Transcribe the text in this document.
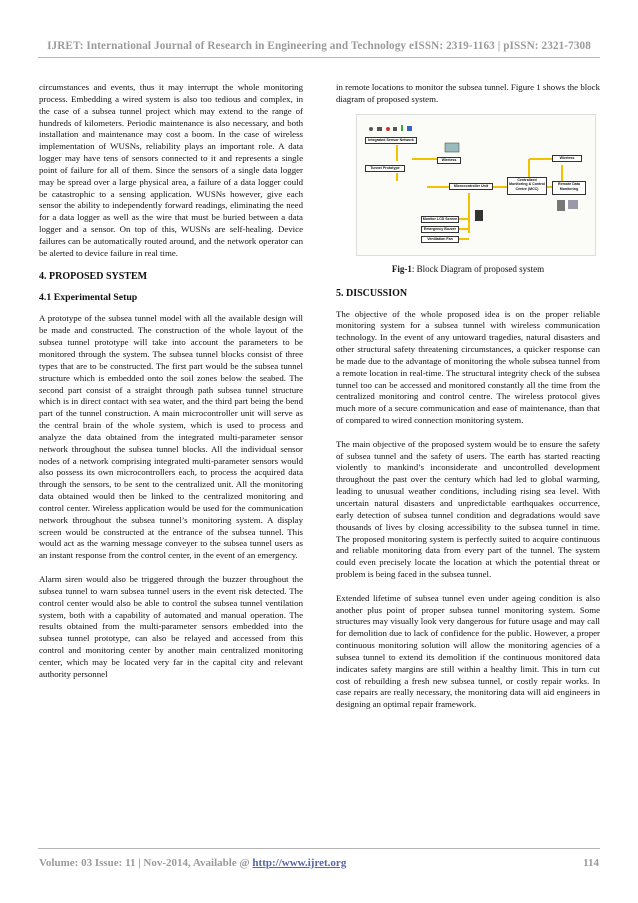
IJRET: International Journal of Research in Engineering and Technology eISSN: 2319-1163 | pISSN: 2321-7308

circumstances and events, thus it may interrupt the whole monitoring process. Embedding a wired system is also too tedious and complex, in the case of a subsea tunnel project which may extend to the range of hundreds of kilometers. Periodic maintenance is also necessary, and both installation and maintenance may cost a boom. In the case of wireless implementation of WUSNs, reliability plays an important role. A data logger may have tens of sensors connected to it and represents a single point of failure for all of them. Since the sensors of a single data logger may be spread over a large physical area, a failure of a data logger could be catastrophic to a sensing application. WUSNs however, give each sensor the ability to independently forward readings, eliminating the need for a data logger as well as the wire that must be buried between a data logger and a sensor. On top of this, WUSNs are self-healing. Device failures can be automatically routed around, and the network operator can be alerted to device failure in real time.

4. PROPOSED SYSTEM
4.1 Experimental Setup

A prototype of the subsea tunnel model with all the available design will be made and constructed. The construction of the whole layout of the subsea tunnel prototype will take into account the parameters to be monitored through the system. The subsea tunnel blocks consist of three types that are to be constructed. The first part would be the subsea tunnel structure which is embedded onto the soil zones below the seabed. The second part consist of a straight through path subsea tunnel structure which is in direct contact with sea water, and the third part being the bend part of the tunnel construction. A main microcontroller unit will serve as the central brain of the whole system, which is used to process and analyze the data obtained from the integrated multi-parameter sensor network throughout the subsea tunnel blocks. All the individual sensor nodes of a network comprising integrated multi-parameter sensors would also possess its own microcontrollers each, to process the acquired data through the sensors, to be sent to the centralized unit. All the monitoring data obtained would then be linked to the centralized monitoring and control center. Wireless application would be used for the communication network throughout the subsea tunnel’s monitoring system. A display screen would be constructed at the entrance of the subsea tunnel. This would act as the warning message conveyer to the subsea tunnel users as an instant response from the control center, in the event of an emergency.

Alarm siren would also be triggered through the buzzer throughout the subsea tunnel to warn subsea tunnel users in the event risk detected. The control center would also be able to control the subsea tunnel ventilation system, both with a capability of automated and manual operation. The results obtained from the multi-parameter sensors embedded into the subsea tunnel prototype, can also be relayed and accessed from this control and monitoring center by another main centralized monitoring center, which may be located very far in the capital city and relevant authority personnel

in remote locations to monitor the subsea tunnel. Figure 1 shows the block diagram of proposed system.

Integrated Sensor Network
Wireless
Tunnel Prototype
Microcontroller Unit
Centralized Monitoring & Control Centre (MCC)
Wireless
Remote Data Monitoring
Monitor LCD Screen
Emergency Buzzer
Ventilation Fan
Fig-1: Block Diagram of proposed system
5. DISCUSSION

The objective of the whole proposed idea is on the proper reliable monitoring system for a subsea tunnel with wireless communication technology. In the event of any untoward tragedies, natural disasters and other structural safety threatening circumstances, a quicker response can be made due to the advantage of monitoring the whole subsea tunnel from a remote location in real-time. The structural integrity check of the subsea tunnel too can be accessed and monitored constantly all the time from the centralized monitoring and control centre. The wireless protocol gives much more of a secure communication and ease of maintenance, than that of compared to wired connection monitoring system.

The main objective of the proposed system would be to ensure the safety of subsea tunnel and the safety of users. The earth has started reacting violently to mankind’s inconsiderate and uncontrolled development throughout the past over the century which had led to global warming, leading to unusual weather conditions, including rising sea level. With uncertain natural disasters and unpredictable earthquakes occurrence, early detection of subsea tunnel condition and degradations would save thousands of lives by closing accessibility to the subsea tunnel in time. The proposed monitoring system is perfectly suited to acquire continuous and reliable monitoring data from every part of the tunnel. The system could even precisely locate the location at which the potential threat or problem is being faced in the subsea tunnel.

Extended lifetime of subsea tunnel even under ageing condition is also another plus point of proper subsea tunnel monitoring system. Some structures may visually look very dangerous for future usage and may call for demolition due to lack of confidence for the public. However, a proper continuous monitoring solution will allow the monitoring agencies of a subsea tunnel to extend its demolition if the continuous monitored data indicates safety margins are still within a healthy limit. This in turn cut cost of rebuilding a fresh new subsea tunnel, or costly repair works. In case repairs are really necessary, the monitoring data will aid engineers in designing an optimal repair framework.

Volume: 03 Issue: 11 | Nov-2014, Available @ http://www.ijret.org	114
